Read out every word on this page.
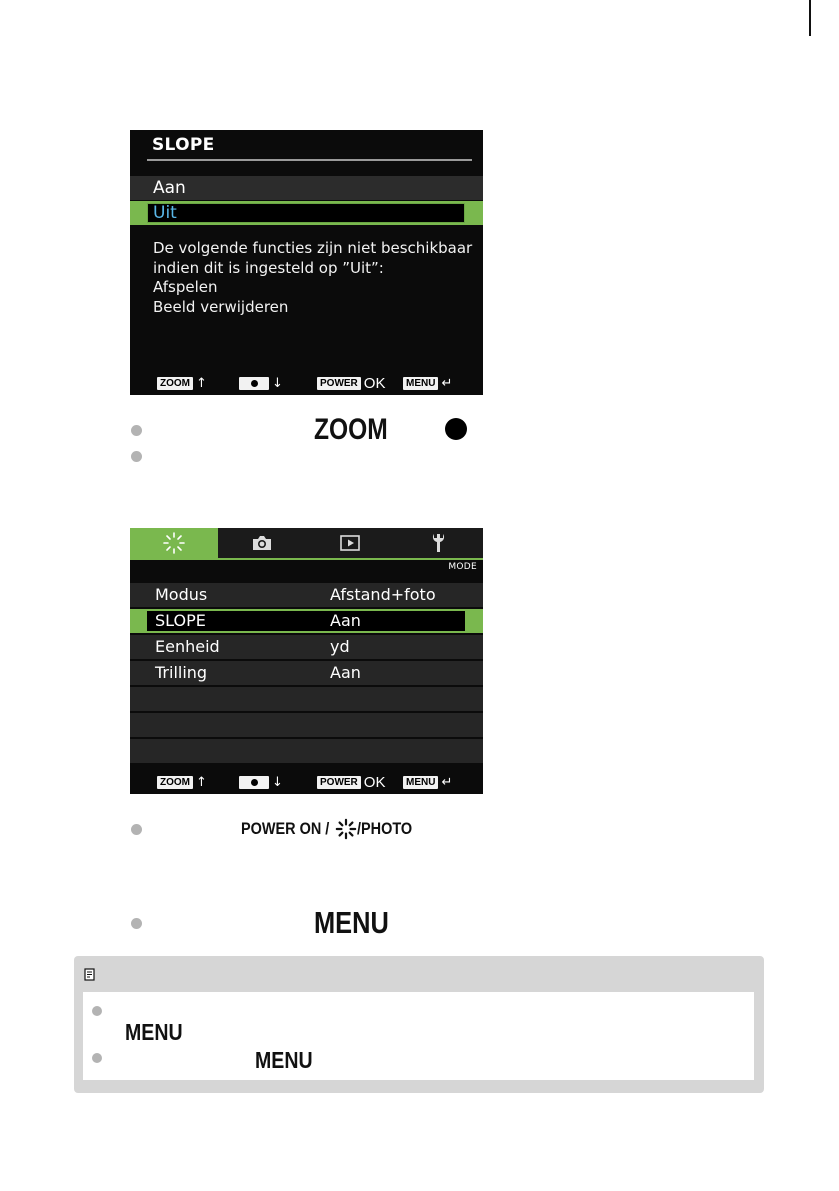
SLOPE
Aan
Uit
De volgende functies zijn niet beschikbaar
indien dit is ingesteld op ”Uit”:
Afspelen
Beeld verwijderen
ZOOM ↑	↓	POWER OK	MENU ↵
ZOOM
MODE
Modus	Afstand+foto
SLOPE	Aan
Eenheid	yd
Trilling	Aan
ZOOM ↑	↓	POWER OK	MENU ↵
POWER ON / /PHOTO
MENU
MENU
MENU
